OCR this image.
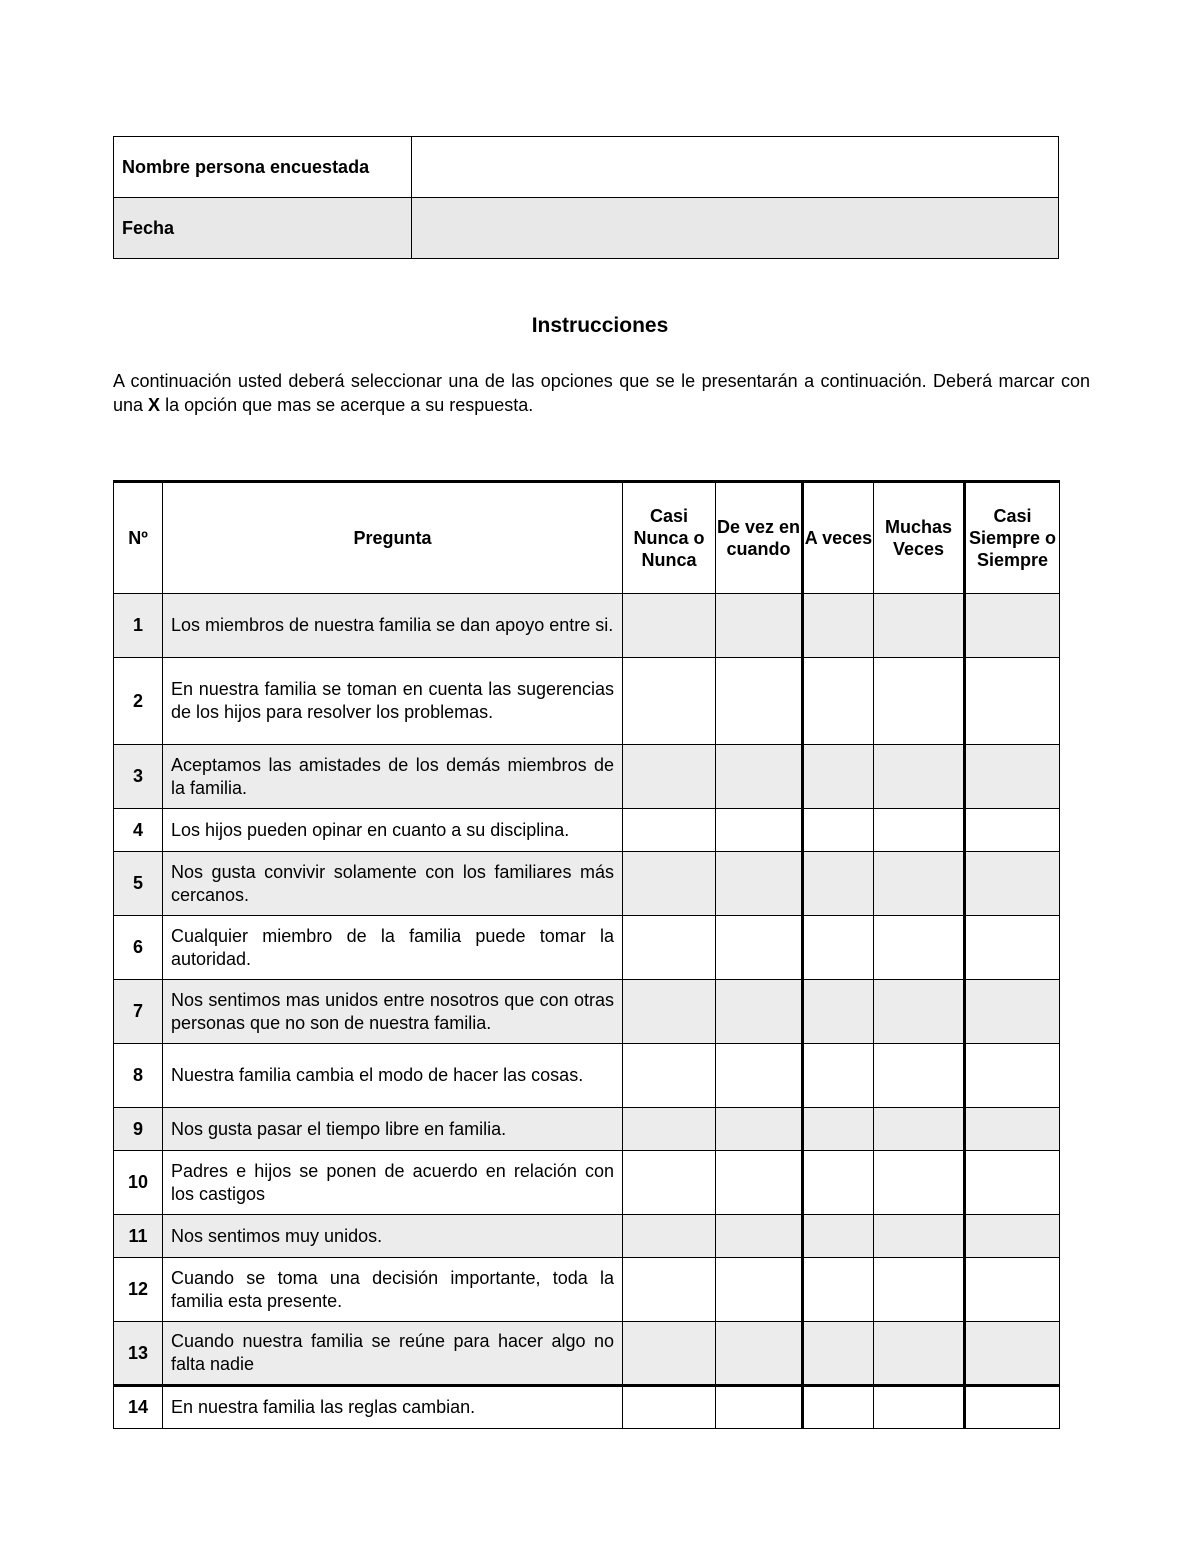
Nombre persona encuestada	
Fecha	
Instrucciones
A continuación usted deberá seleccionar una de las opciones que se le presentarán a continuación. Deberá marcar con una X la opción que mas se acerque a su respuesta.
Nº	Pregunta	Casi Nunca o Nunca	De vez en cuando	A veces	Muchas Veces	Casi Siempre o Siempre
1	Los miembros de nuestra familia se dan apoyo entre si.					
2	En nuestra familia se toman en cuenta las sugerencias de los hijos para resolver los problemas.					
3	Aceptamos las amistades de los demás miembros de la familia.					
4	Los hijos pueden opinar en cuanto a su disciplina.					
5	Nos gusta convivir solamente con los familiares más cercanos.					
6	Cualquier miembro de la familia puede tomar la autoridad.					
7	Nos sentimos mas unidos entre nosotros que con otras personas que no son de nuestra familia.					
8	Nuestra familia cambia el modo de hacer las cosas.					
9	Nos gusta pasar el tiempo libre en familia.					
10	Padres e hijos se ponen de acuerdo en relación con los castigos					
11	Nos sentimos muy unidos.					
12	Cuando se toma una decisión importante, toda la familia esta presente.					
13	Cuando nuestra familia se reúne para hacer algo no falta nadie					
14	En nuestra familia las reglas cambian.					
